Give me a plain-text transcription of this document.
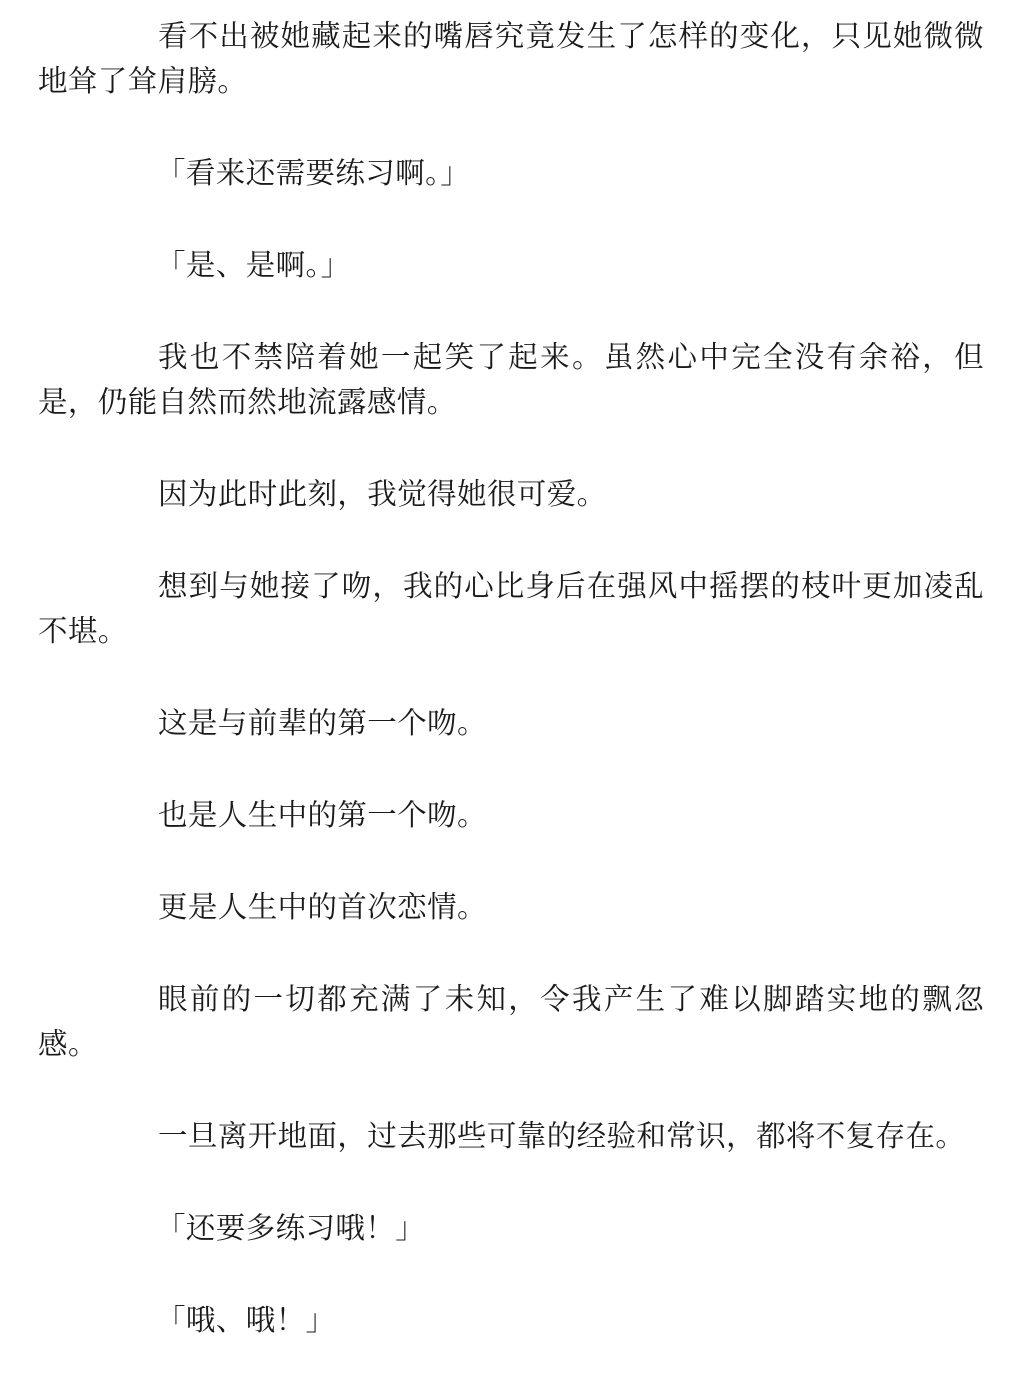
看不出被她藏起来的嘴唇究竟发生了怎样的变化，只见她微微地耸了耸肩膀。

「看来还需要练习啊。」

「是、是啊。」

我也不禁陪着她一起笑了起来。虽然心中完全没有余裕，但是，仍能自然而然地流露感情。

因为此时此刻，我觉得她很可爱。

想到与她接了吻，我的心比身后在强风中摇摆的枝叶更加凌乱不堪。

这是与前辈的第一个吻。

也是人生中的第一个吻。

更是人生中的首次恋情。

眼前的一切都充满了未知，令我产生了难以脚踏实地的飘忽感。

一旦离开地面，过去那些可靠的经验和常识，都将不复存在。

「还要多练习哦！」

「哦、哦！」
